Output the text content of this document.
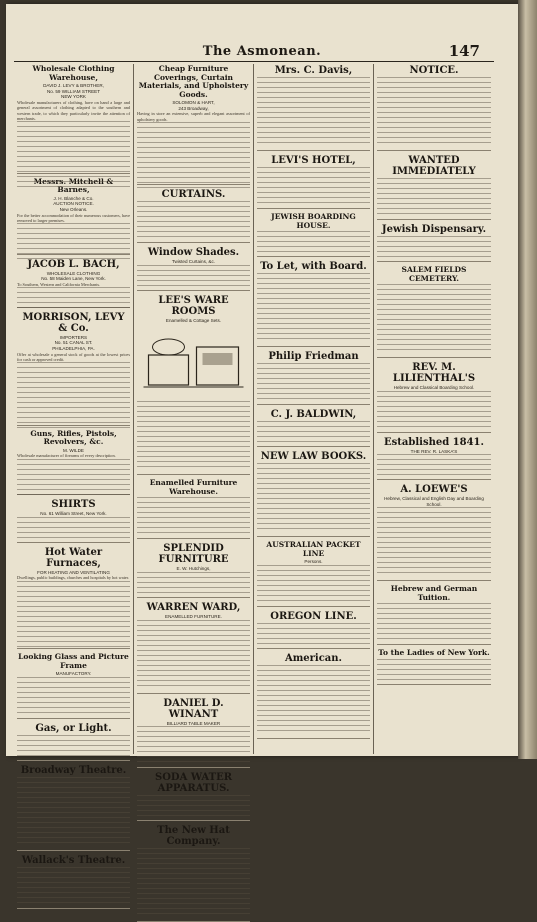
The Asmonean.	147
Wholesale Clothing Warehouse,
DAVID J. LEVY & BROTHER,
No. 59 WILLIAM STREET
NEW YORK
Wholesale manufacturers of clothing, have on hand a large and general assortment of clothing adapted to the southern and western trade, to which they particularly invite the attention of merchants.
Messrs. Mitchell & Barnes,
J. H. Blanche & Co.
AUCTION NOTICE.
New Orleans.
For the better accommodation of their numerous customers, have removed to larger premises.
JACOB L. BACH,
WHOLESALE CLOTHING
No. 58 Maiden Lane, New York.
To Southern, Western and California Merchants.
MORRISON, LEVY & Co.
IMPORTERS
No. 51 CANAL ST.
PHILADELPHIA, PA.
Offer at wholesale a general stock of goods at the lowest prices for cash or approved credit.
Guns, Rifles, Pistols, Revolvers, &c.
M. WILDE
Wholesale manufacturer of firearms of every description.
SHIRTS
No. 61 William Street, New York.
Hot Water Furnaces,
FOR HEATING AND VENTILATING
Dwellings, public buildings, churches and hospitals by hot water.
Looking Glass and Picture Frame
MANUFACTORY.
Gas, or Light.
Broadway Theatre.
Wallack's Theatre.
Cheap Furniture Coverings, Curtain Materials, and Upholstery Goods.
SOLOMON & HART,
243 Broadway,
Having in store an extensive, superb and elegant assortment of upholstery goods.
CURTAINS.
Window Shades.
Twisted Curtains, &c.
LEE'S WARE ROOMS
Enamelled & Cottage Sets.
Enamelled Furniture Warehouse.
SPLENDID FURNITURE
E. W. Hutchings,
WARREN WARD,
ENAMELLED FURNITURE.
DANIEL D. WINANT
BILLIARD TABLE MAKER
SODA WATER APPARATUS.
The New Hat Company.
Mrs. C. Davis,
LEVI'S HOTEL,
JEWISH BOARDING HOUSE.
To Let, with Board.
Philip Friedman
C. J. BALDWIN,
NEW LAW BOOKS.
AUSTRALIAN PACKET LINE
Persons.
OREGON LINE.
American.
NOTICE.
WANTED IMMEDIATELY
Jewish Dispensary.
SALEM FIELDS CEMETERY.
REV. M. LILIENTHAL'S
Hebrew and Classical Boarding School.
Established 1841.
THE REV. R. LASKA'S
A. LOEWE'S
Hebrew, Classical and English Day and Boarding School.
Hebrew and German Tuition.
To the Ladies of New York.
